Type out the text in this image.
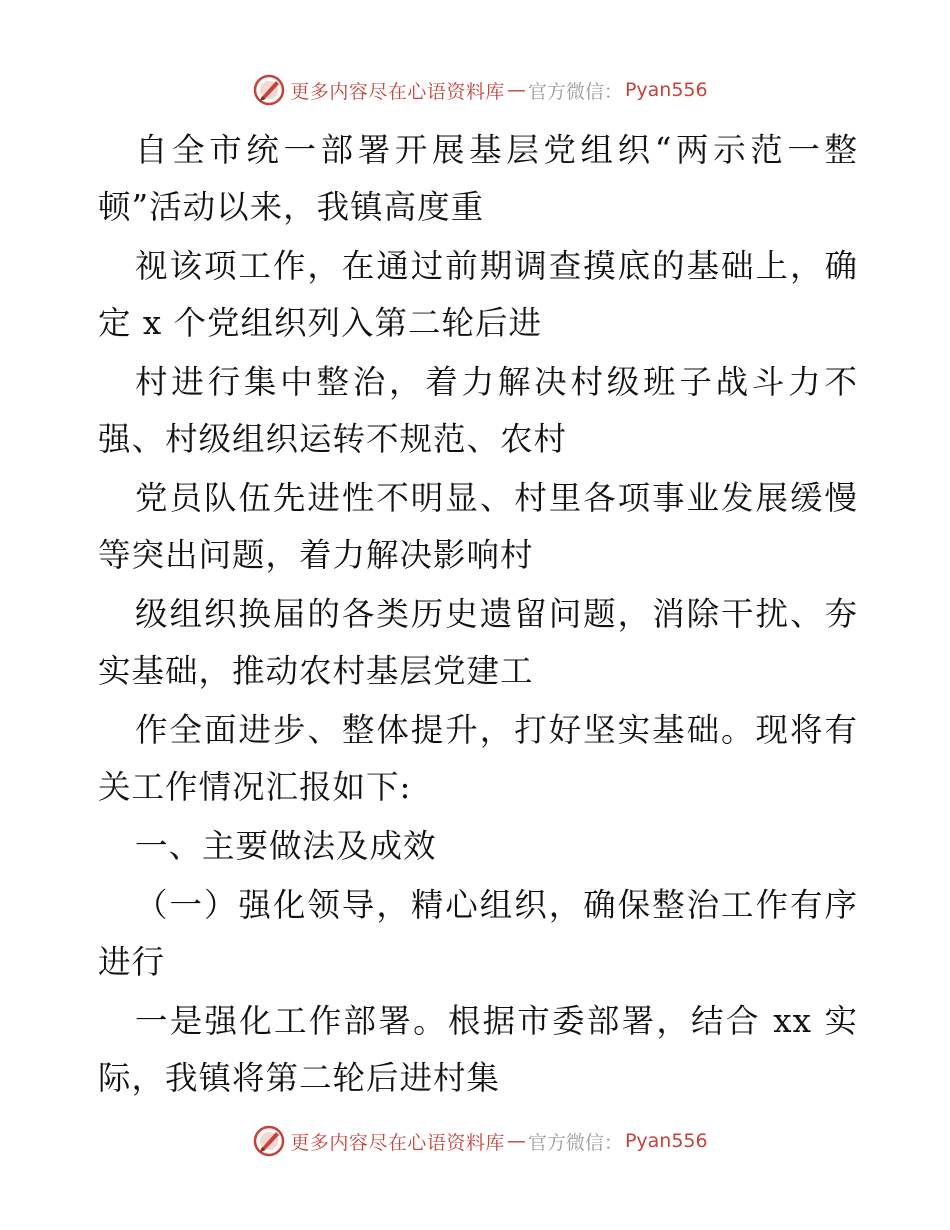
更多内容尽在心语资料库 — 官方微信： Pyan556

自全市统一部署开展基层党组织“两示范一整顿”活动以来，我镇高度重

视该项工作，在通过前期调查摸底的基础上，确定 x 个党组织列入第二轮后进

村进行集中整治，着力解决村级班子战斗力不强、村级组织运转不规范、农村

党员队伍先进性不明显、村里各项事业发展缓慢等突出问题，着力解决影响村

级组织换届的各类历史遗留问题，消除干扰、夯实基础，推动农村基层党建工

作全面进步、整体提升，打好坚实基础。现将有关工作情况汇报如下:

一、主要做法及成效

（一）强化领导，精心组织，确保整治工作有序进行

一是强化工作部署。根据市委部署，结合 xx 实际，我镇将第二轮后进村集

更多内容尽在心语资料库 — 官方微信： Pyan556
